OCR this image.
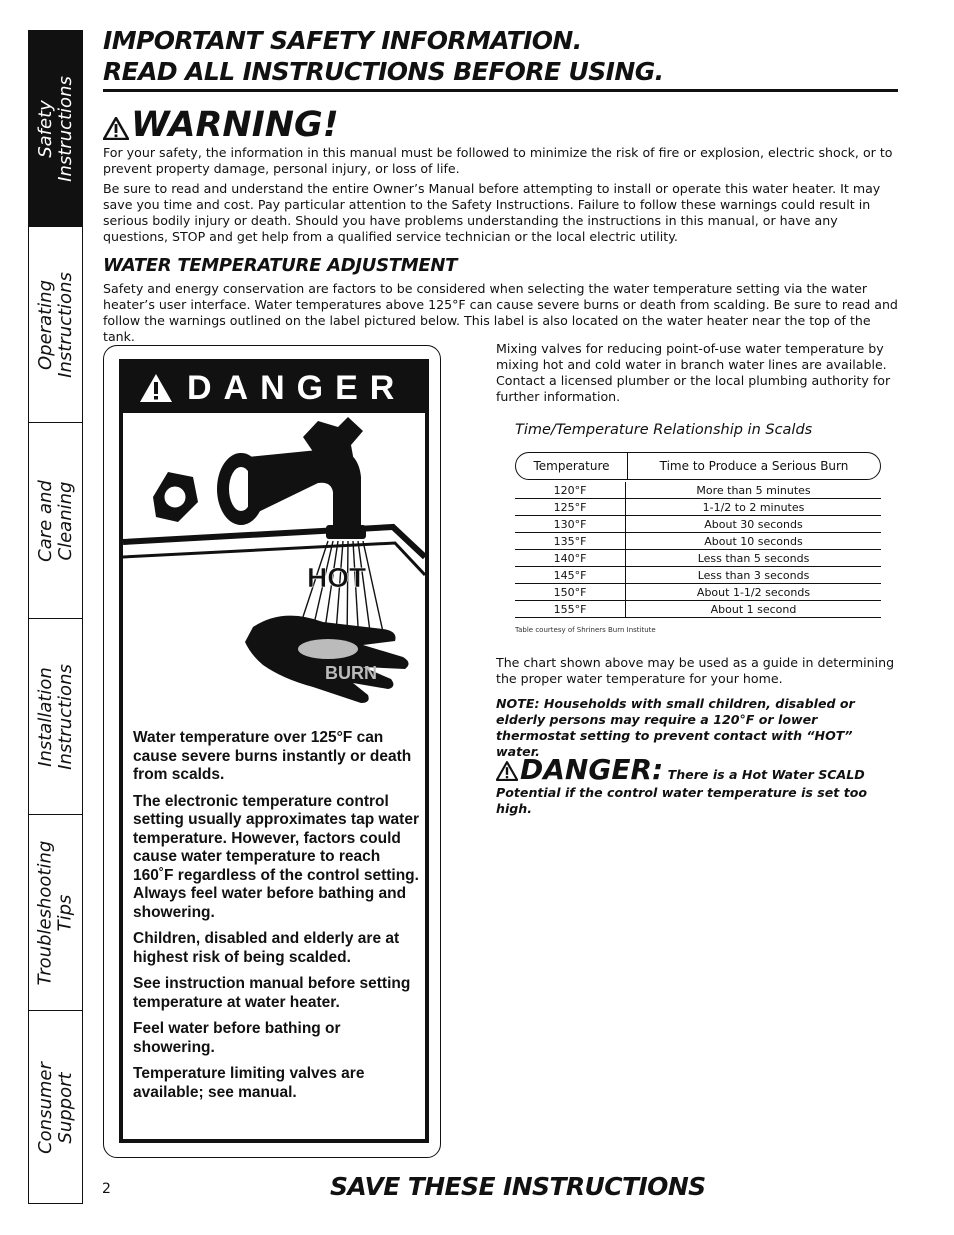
Safety
Instructions
Operating
Instructions
Care and
Cleaning
Installation
Instructions
Troubleshooting
Tips
Consumer
Support
IMPORTANT SAFETY INFORMATION.
READ ALL INSTRUCTIONS BEFORE USING.
WARNING!

For your safety, the information in this manual must be followed to minimize the risk of fire or explosion, electric shock, or to prevent property damage, personal injury, or loss of life.

Be sure to read and understand the entire Owner’s Manual before attempting to install or operate this water heater. It may save you time and cost. Pay particular attention to the Safety Instructions. Failure to follow these warnings could result in serious bodily injury or death. Should you have problems understanding the instructions in this manual, or have any questions, STOP and get help from a qualified service technician or the local electric utility.

WATER TEMPERATURE ADJUSTMENT

Safety and energy conservation are factors to be considered when selecting the water temperature setting via the water heater’s user interface. Water temperatures above 125°F can cause severe burns or death from scalding. Be sure to read and follow the warnings outlined on the label pictured below. This label is also located on the water heater near the top of the tank.

DANGER
HOT
BURN

Water temperature over 125°F can cause severe burns instantly or death from scalds.

The electronic temperature control setting usually approximates tap water temperature. However, factors could cause water temperature to reach 160˚F regardless of the control setting. Always feel water before bathing and showering.

Children, disabled and elderly are at highest risk of being scalded.

See instruction manual before setting temperature at water heater.

Feel water before bathing or showering.

Temperature limiting valves are available; see manual.

Mixing valves for reducing point-of-use water temperature by mixing hot and cold water in branch water lines are available. Contact a licensed plumber or the local plumbing authority for further information.

Time/Temperature Relationship in Scalds
Temperature	Time to Produce a Serious Burn
120°F	More than 5 minutes
125°F	1-1/2 to 2 minutes
130°F	About 30 seconds
135°F	About 10 seconds
140°F	Less than 5 seconds
145°F	Less than 3 seconds
150°F	About 1-1/2 seconds
155°F	About 1 second
Table courtesy of Shriners Burn Institute

The chart shown above may be used as a guide in determining the proper water temperature for your home.

NOTE: Households with small children, disabled or elderly persons may require a 120°F or lower thermostat setting to prevent contact with “HOT” water.

DANGER: There is a Hot Water SCALD Potential if the control water temperature is set too high.
2	SAVE THESE INSTRUCTIONS
